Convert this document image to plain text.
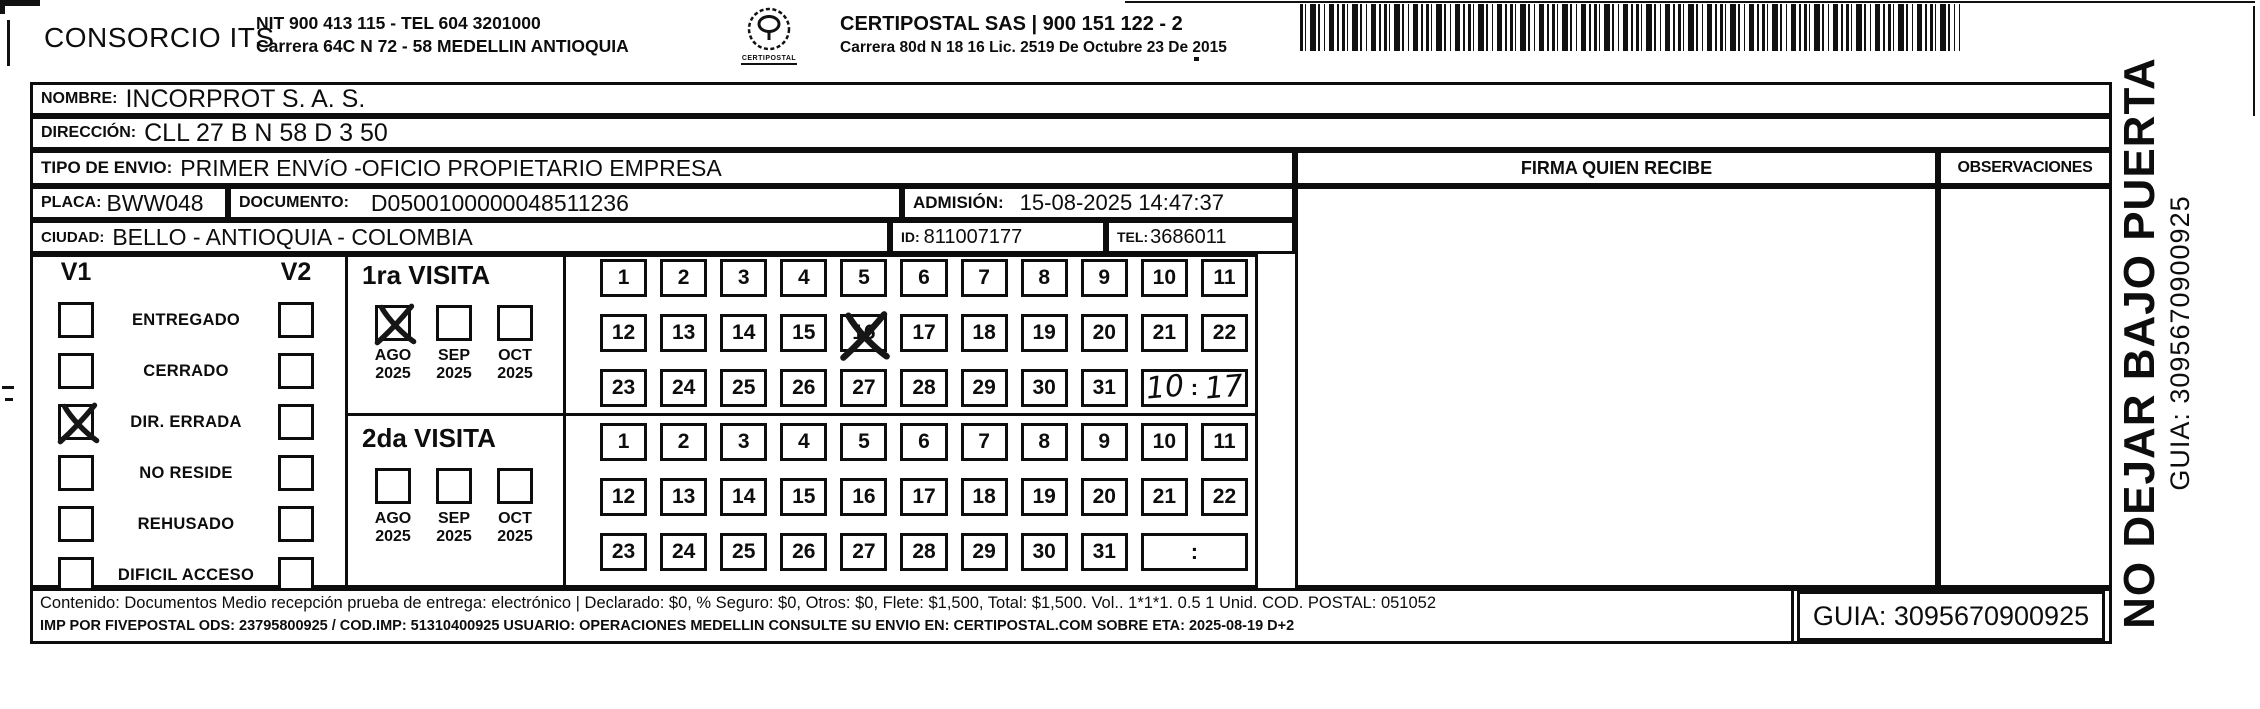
CONSORCIO ITS
NIT 900 413 115 - TEL 604 3201000
Carrera 64C N 72 - 58 MEDELLIN ANTIOQUIA
CERTIPOSTAL
CERTIPOSTAL SAS | 900 151 122 - 2
Carrera 80d N 18 16 Lic. 2519 De Octubre 23 De 2015
NOMBRE: INCORPROT S. A. S.
DIRECCIÓN: CLL 27 B N 58 D 3 50
TIPO DE ENVIO: PRIMER ENVíO -OFICIO PROPIETARIO EMPRESA
PLACA: BWW048 DOCUMENTO: D0500100000048511236	ADMISIÓN: 15-08-2025 14:47:37
CIUDAD: BELLO - ANTIOQUIA - COLOMBIA	ID: 811007177	TEL: 3686011
V1	V2
ENTREGADO
CERRADO
DIR. ERRADA
NO RESIDE
REHUSADO
DIFICIL ACCESO
1ra VISITA
AGO
2025
SEP
2025
OCT
2025
2da VISITA
AGO
2025
SEP
2025
OCT
2025
1	2	3	4	5	6	7	8	9	10	11
12	13	14	15	16	17	18	19	20	21	22
23	24	25	26	27	28	29	30	31 10 : 17
1	2	3	4	5	6	7	8	9	10	11
12	13	14	15	16	17	18	19	20	21	22
23	24	25	26	27	28	29	30	31	:
FIRMA QUIEN RECIBE	OBSERVACIONES
Contenido: Documentos Medio recepción prueba de entrega: electrónico | Declarado: $0, % Seguro: $0, Otros: $0, Flete: $1,500, Total: $1,500. Vol.. 1*1*1. 0.5 1 Unid. COD. POSTAL: 051052
IMP POR FIVEPOSTAL ODS: 23795800925 / COD.IMP: 51310400925 USUARIO: OPERACIONES MEDELLIN CONSULTE SU ENVIO EN: CERTIPOSTAL.COM SOBRE ETA: 2025-08-19 D+2	GUIA: 3095670900925 NO DEJAR BAJO PUERTA GUIA: 3095670900925
